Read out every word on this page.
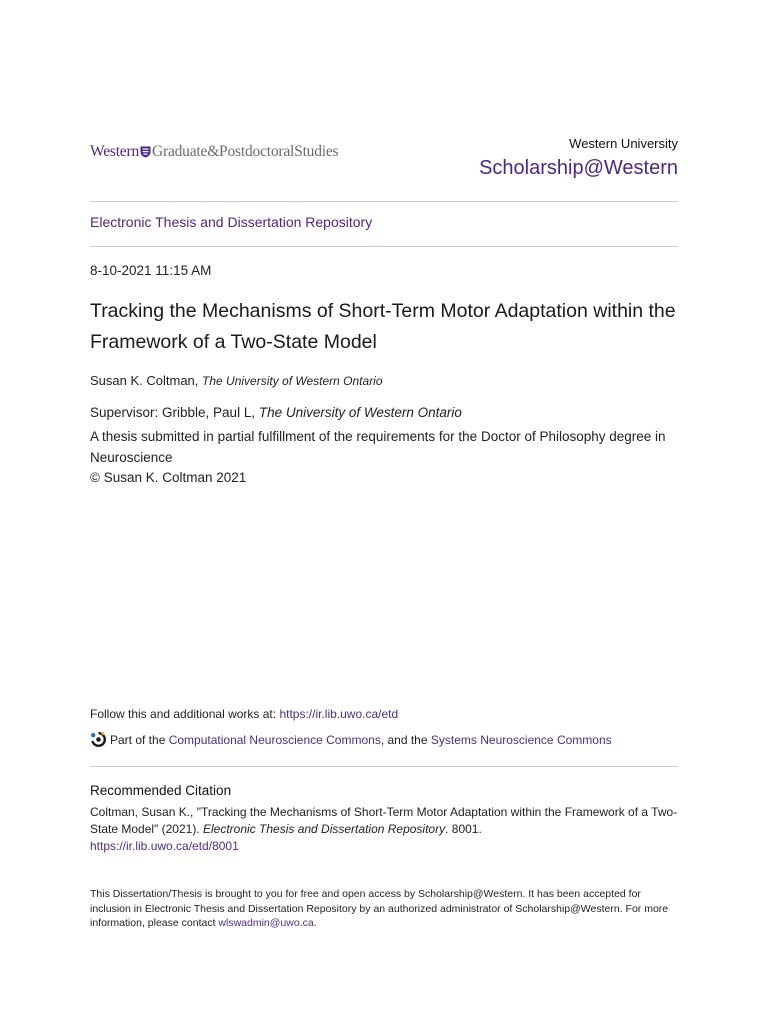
Western Graduate&PostdoctoralStudies	Western University
Scholarship@Western
Electronic Thesis and Dissertation Repository
8-10-2021 11:15 AM
Tracking the Mechanisms of Short-Term Motor Adaptation within the Framework of a Two-State Model
Susan K. Coltman, The University of Western Ontario
Supervisor: Gribble, Paul L, The University of Western Ontario
A thesis submitted in partial fulfillment of the requirements for the Doctor of Philosophy degree in Neuroscience
© Susan K. Coltman 2021
Follow this and additional works at: https://ir.lib.uwo.ca/etd
Part of the
Computational Neuroscience Commons , and the
Systems Neuroscience Commons
Recommended Citation
Coltman, Susan K., "Tracking the Mechanisms of Short-Term Motor Adaptation within the Framework of a Two-State Model" (2021). Electronic Thesis and Dissertation Repository. 8001.
https://ir.lib.uwo.ca/etd/8001
This Dissertation/Thesis is brought to you for free and open access by Scholarship@Western. It has been accepted for inclusion in Electronic Thesis and Dissertation Repository by an authorized administrator of Scholarship@Western. For more information, please contact wlswadmin@uwo.ca.
